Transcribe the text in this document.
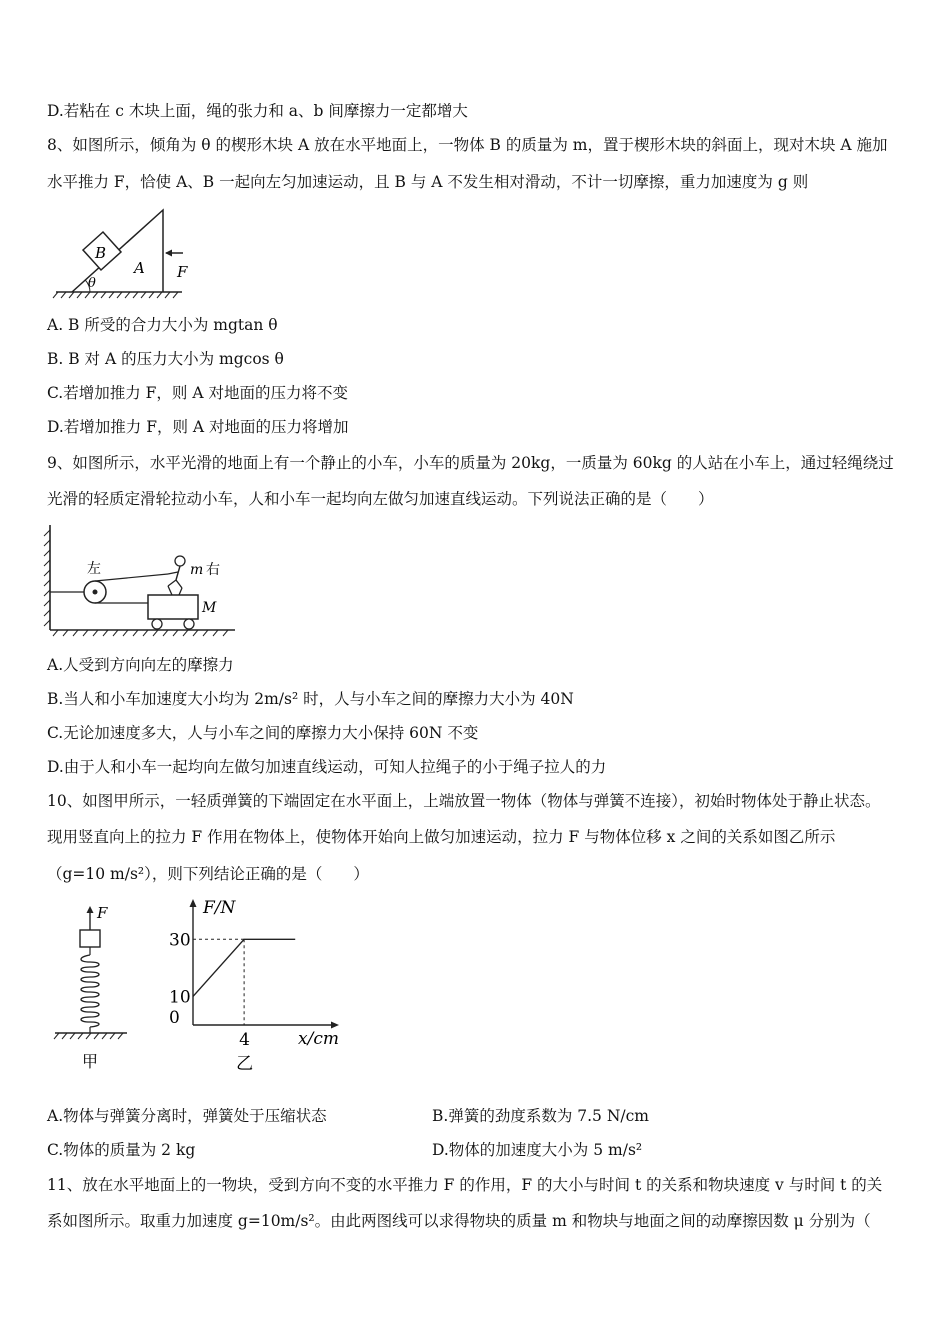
D.若粘在 c 木块上面，绳的张力和 a、b 间摩擦力一定都增大
8、如图所示，倾角为 θ 的楔形木块 A 放在水平地面上，一物体 B 的质量为 m，置于楔形木块的斜面上，现对木块 A 施加
水平推力 F，恰使 A、B 一起向左匀加速运动，且 B 与 A 不发生相对滑动，不计一切摩擦，重力加速度为 g 则
θ
B
A F
A. B 所受的合力大小为 mgtan θ
B. B 对 A 的压力大小为 mgcos θ
C.若增加推力 F，则 A 对地面的压力将不变
D.若增加推力 F，则 A 对地面的压力将增加
9、如图所示，水平光滑的地面上有一个静止的小车，小车的质量为 20kg，一质量为 60kg 的人站在小车上，通过轻绳绕过
光滑的轻质定滑轮拉动小车，人和小车一起均向左做匀加速直线运动。下列说法正确的是（　　）
左	m 右
M
A.人受到方向向左的摩擦力
B.当人和小车加速度大小均为 2m/s² 时，人与小车之间的摩擦力大小为 40N
C.无论加速度多大，人与小车之间的摩擦力大小保持 60N 不变
D.由于人和小车一起均向左做匀加速直线运动，可知人拉绳子的小于绳子拉人的力
10、如图甲所示，一轻质弹簧的下端固定在水平面上，上端放置一物体（物体与弹簧不连接），初始时物体处于静止状态。
现用竖直向上的拉力 F 作用在物体上，使物体开始向上做匀加速运动，拉力 F 与物体位移 x 之间的关系如图乙所示
（g=10 m/s²），则下列结论正确的是（　　）
F
甲
30
10
0
4
F/N
x/cm
乙
A.物体与弹簧分离时，弹簧处于压缩状态	B.弹簧的劲度系数为 7.5 N/cm
C.物体的质量为 2 kg	D.物体的加速度大小为 5 m/s²
11、放在水平地面上的一物块，受到方向不变的水平推力 F 的作用，F 的大小与时间 t 的关系和物块速度 v 与时间 t 的关
系如图所示。取重力加速度 g=10m/s²。由此两图线可以求得物块的质量 m 和物块与地面之间的动摩擦因数 μ 分别为（
